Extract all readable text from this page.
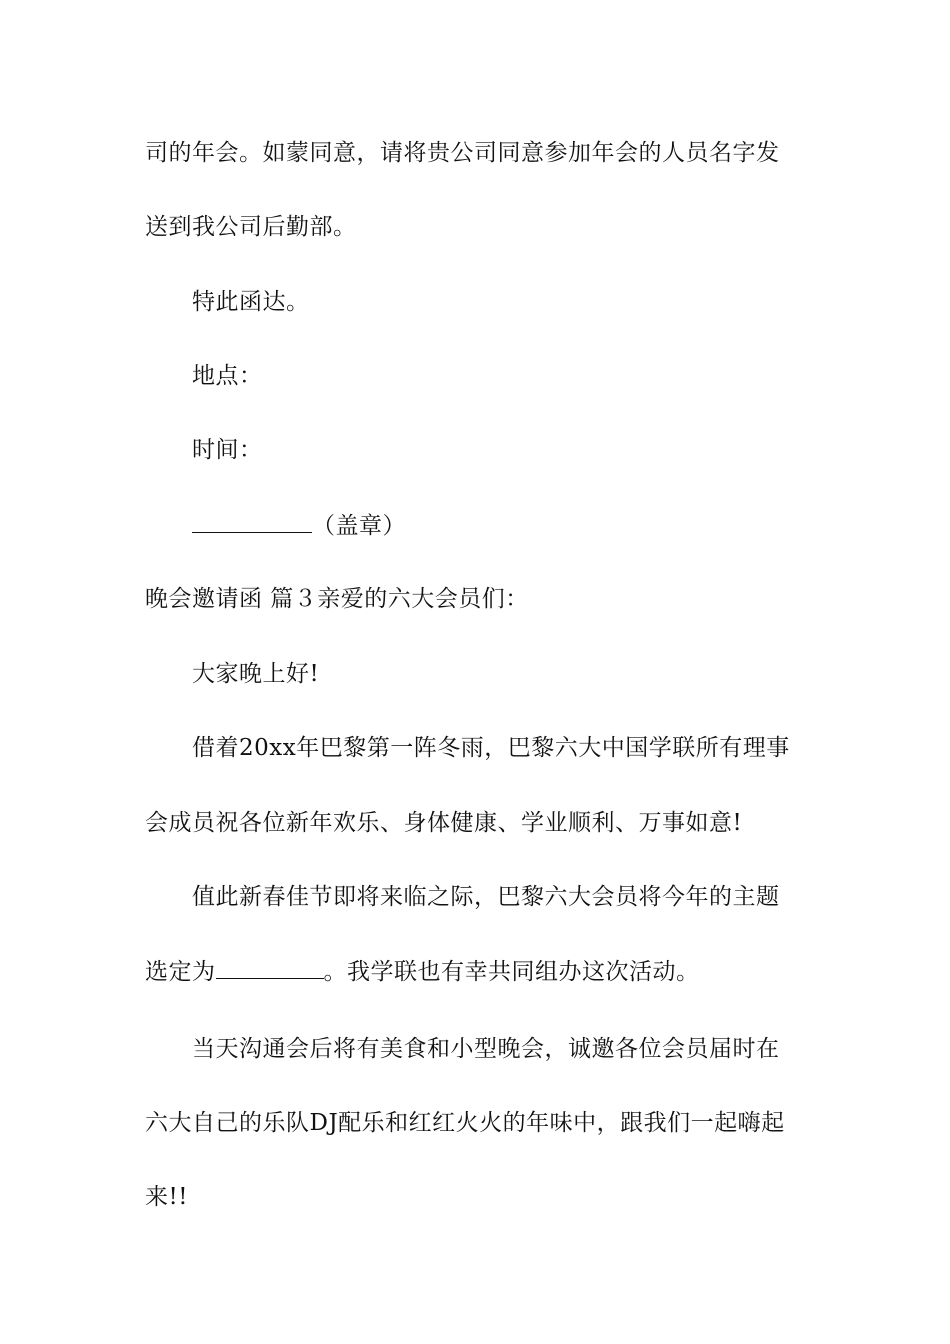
司的年会。如蒙同意，请将贵公司同意参加年会的人员名字发
送到我公司后勤部。
特此函达。
地点：
时间：
（盖章）
晚会邀请函 篇３亲爱的六大会员们：
大家晚上好!
借着20xx年巴黎第一阵冬雨，巴黎六大中国学联所有理事
会成员祝各位新年欢乐、身体健康、学业顺利、万事如意!
值此新春佳节即将来临之际，巴黎六大会员将今年的主题
选定为	。我学联也有幸共同组办这次活动。
当天沟通会后将有美食和小型晚会，诚邀各位会员届时在
六大自己的乐队DJ配乐和红红火火的年味中，跟我们一起嗨起
来!!
